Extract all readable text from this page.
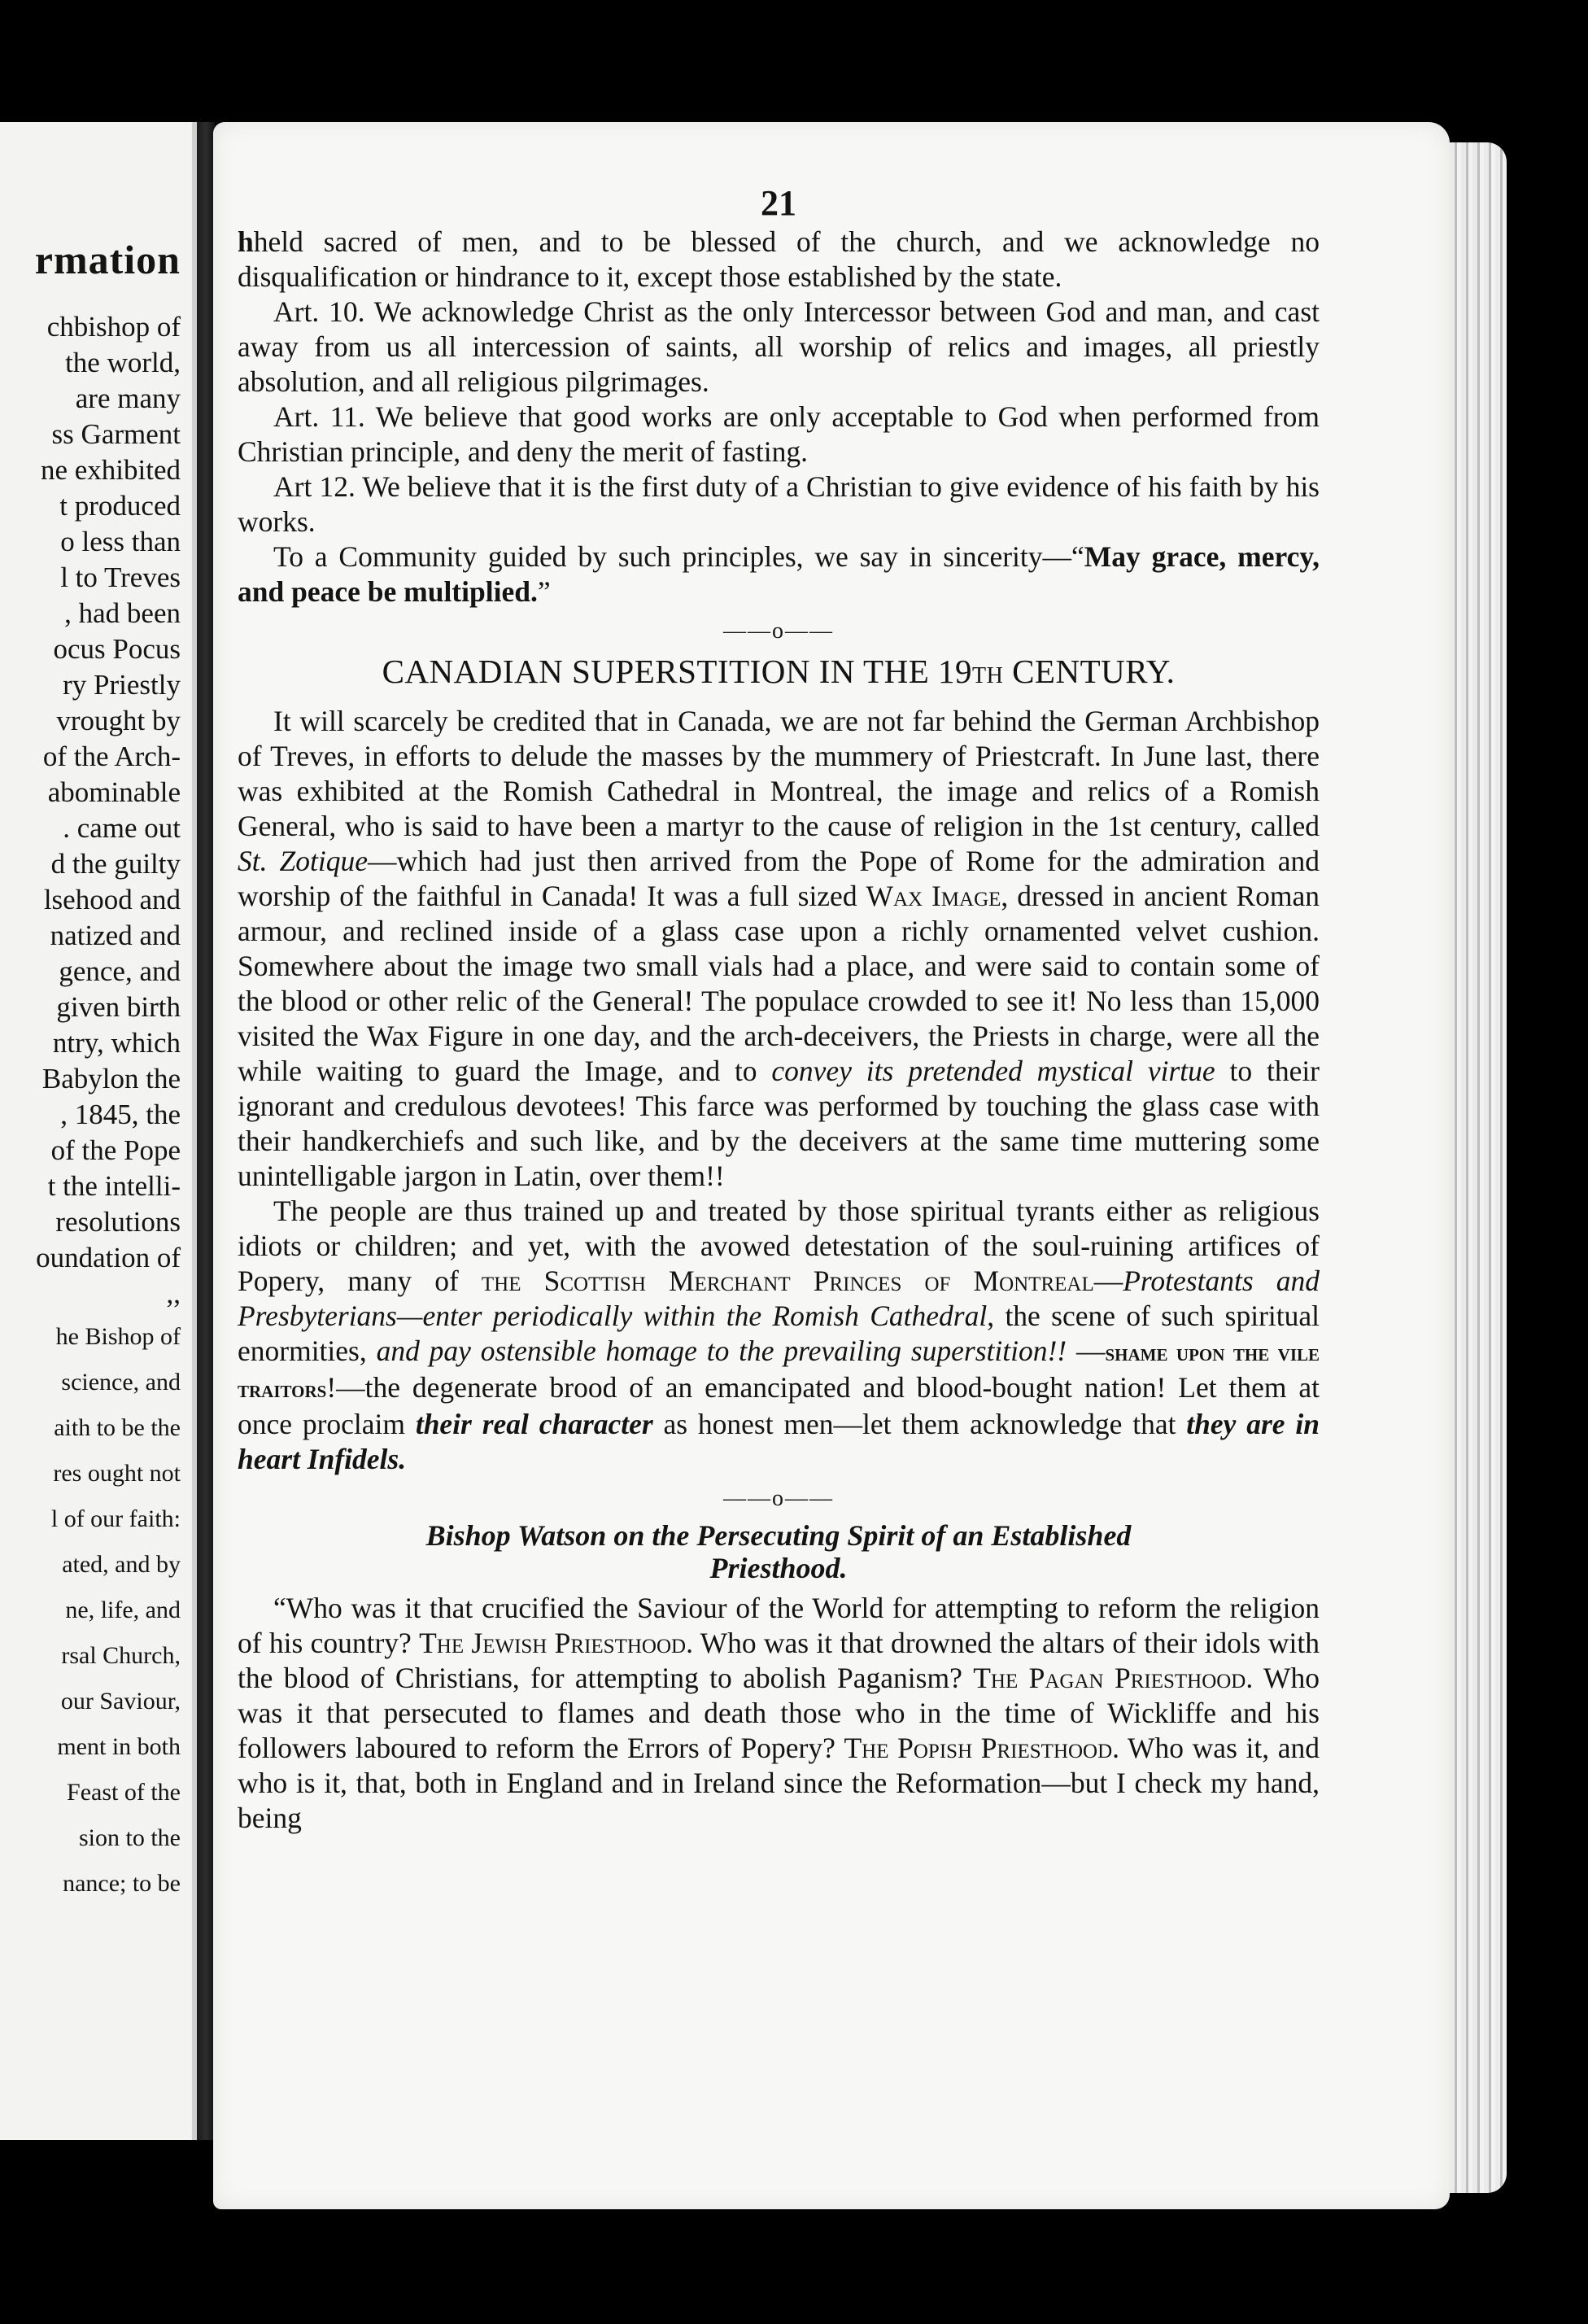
rmation
chbishop of
the world,
are many
ss Garment
ne exhibited
t produced
o less than
l to Treves
, had been
ocus Pocus
ry Priestly
vrought by
of the Arch-
abominable
. came out
d the guilty
lsehood and
natized and
gence, and
given birth
ntry, which
Babylon the
, 1845, the
of the Pope
t the intelli-
resolutions
oundation of
,,
he Bishop of
science, and
aith to be the
res ought not
l of our faith:
ated, and by
ne, life, and
rsal Church,
our Saviour,
ment in both
Feast of the
sion to the
nance; to be
21

hheld sacred of men, and to be blessed of the church, and we acknowledge no disqualification or hindrance to it, except those established by the state.

Art. 10. We acknowledge Christ as the only Intercessor between God and man, and cast away from us all intercession of saints, all worship of relics and images, all priestly absolution, and all religious pilgrimages.

Art. 11. We believe that good works are only acceptable to God when performed from Christian principle, and deny the merit of fasting.

Art 12. We believe that it is the first duty of a Christian to give evidence of his faith by his works.

To a Community guided by such principles, we say in sincerity—“May grace, mercy, and peace be multiplied.”

——o——
CANADIAN SUPERSTITION IN THE 19TH CENTURY.

It will scarcely be credited that in Canada, we are not far behind the German Archbishop of Treves, in efforts to delude the masses by the mummery of Priestcraft. In June last, there was exhibited at the Romish Cathedral in Montreal, the image and relics of a Romish General, who is said to have been a martyr to the cause of religion in the 1st century, called St. Zotique—which had just then arrived from the Pope of Rome for the admiration and worship of the faithful in Canada! It was a full sized Wax Image, dressed in ancient Roman armour, and reclined inside of a glass case upon a richly ornamented velvet cushion. Somewhere about the image two small vials had a place, and were said to contain some of the blood or other relic of the General! The populace crowded to see it! No less than 15,000 visited the Wax Figure in one day, and the arch-deceivers, the Priests in charge, were all the while waiting to guard the Image, and to convey its pretended mystical virtue to their ignorant and credulous devotees! This farce was performed by touching the glass case with their handkerchiefs and such like, and by the deceivers at the same time muttering some unintelligable jargon in Latin, over them!!

The people are thus trained up and treated by those spiritual tyrants either as religious idiots or children; and yet, with the avowed detestation of the soul-ruining artifices of Popery, many of the Scottish Merchant Princes of Montreal—Protestants and Presbyterians—enter periodically within the Romish Cathedral, the scene of such spiritual enormities, and pay ostensible homage to the prevailing superstition!! —shame upon the vile traitors!—the degenerate brood of an emancipated and blood-bought nation! Let them at once proclaim their real character as honest men—let them acknowledge that they are in heart Infidels.

——o——
Bishop Watson on the Persecuting Spirit of an Established
Priesthood.

“Who was it that crucified the Saviour of the World for attempting to reform the religion of his country? The Jewish Priesthood. Who was it that drowned the altars of their idols with the blood of Christians, for attempting to abolish Paganism? The Pagan Priesthood. Who was it that persecuted to flames and death those who in the time of Wickliffe and his followers laboured to reform the Errors of Popery? The Popish Priesthood. Who was it, and who is it, that, both in England and in Ireland since the Reformation—but I check my hand, being
